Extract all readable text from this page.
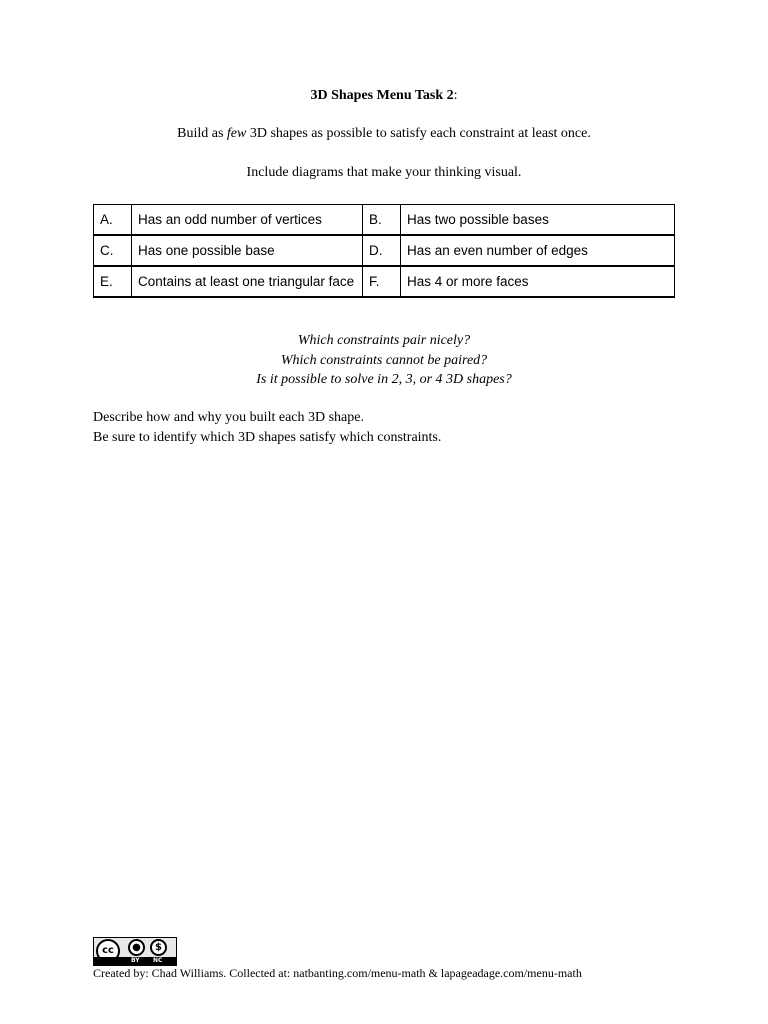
3D Shapes Menu Task 2:
Build as few 3D shapes as possible to satisfy each constraint at least once.
Include diagrams that make your thinking visual.
A.	Has an odd number of vertices	B.	Has two possible bases
C.	Has one possible base	D.	Has an even number of edges
E.	Contains at least one triangular face	F.	Has 4 or more faces
Which constraints pair nicely?
Which constraints cannot be paired?
Is it possible to solve in 2, 3, or 4 3D shapes?
Describe how and why you built each 3D shape.
Be sure to identify which 3D shapes satisfy which constraints.
cc	●	$
BY NC
Created by: Chad Williams. Collected at: natbanting.com/menu-math & lapageadage.com/menu-math
